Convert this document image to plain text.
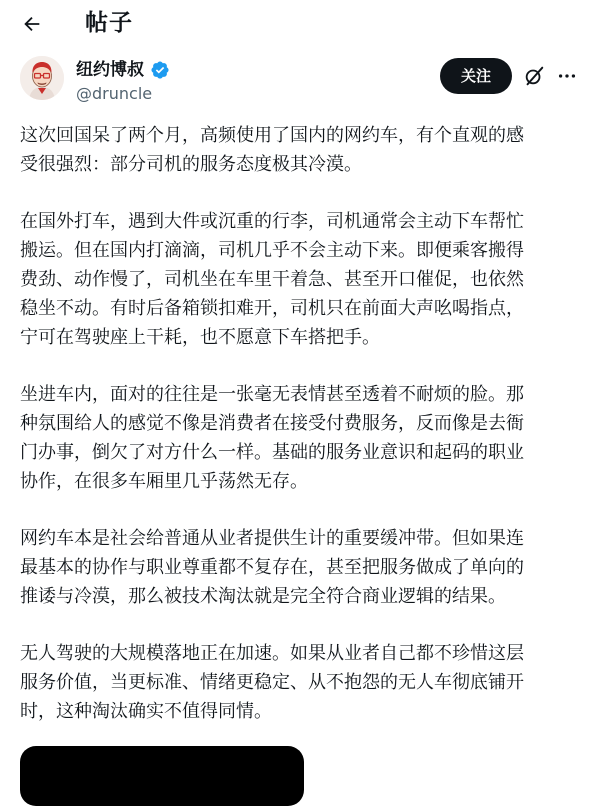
帖子
纽约博叔
@druncle
关注

这次回国呆了两个月，高频使用了国内的网约车，有个直观的感
受很强烈：部分司机的服务态度极其冷漠。

在国外打车，遇到大件或沉重的行李，司机通常会主动下车帮忙
搬运。但在国内打滴滴，司机几乎不会主动下来。即便乘客搬得
费劲、动作慢了，司机坐在车里干着急、甚至开口催促，也依然
稳坐不动。有时后备箱锁扣难开，司机只在前面大声吆喝指点，
宁可在驾驶座上干耗，也不愿意下车搭把手。

坐进车内，面对的往往是一张毫无表情甚至透着不耐烦的脸。那
种氛围给人的感觉不像是消费者在接受付费服务，反而像是去衙
门办事，倒欠了对方什么一样。基础的服务业意识和起码的职业
协作，在很多车厢里几乎荡然无存。

网约车本是社会给普通从业者提供生计的重要缓冲带。但如果连
最基本的协作与职业尊重都不复存在，甚至把服务做成了单向的
推诿与冷漠，那么被技术淘汰就是完全符合商业逻辑的结果。

无人驾驶的大规模落地正在加速。如果从业者自己都不珍惜这层
服务价值，当更标准、情绪更稳定、从不抱怨的无人车彻底铺开
时，这种淘汰确实不值得同情。
